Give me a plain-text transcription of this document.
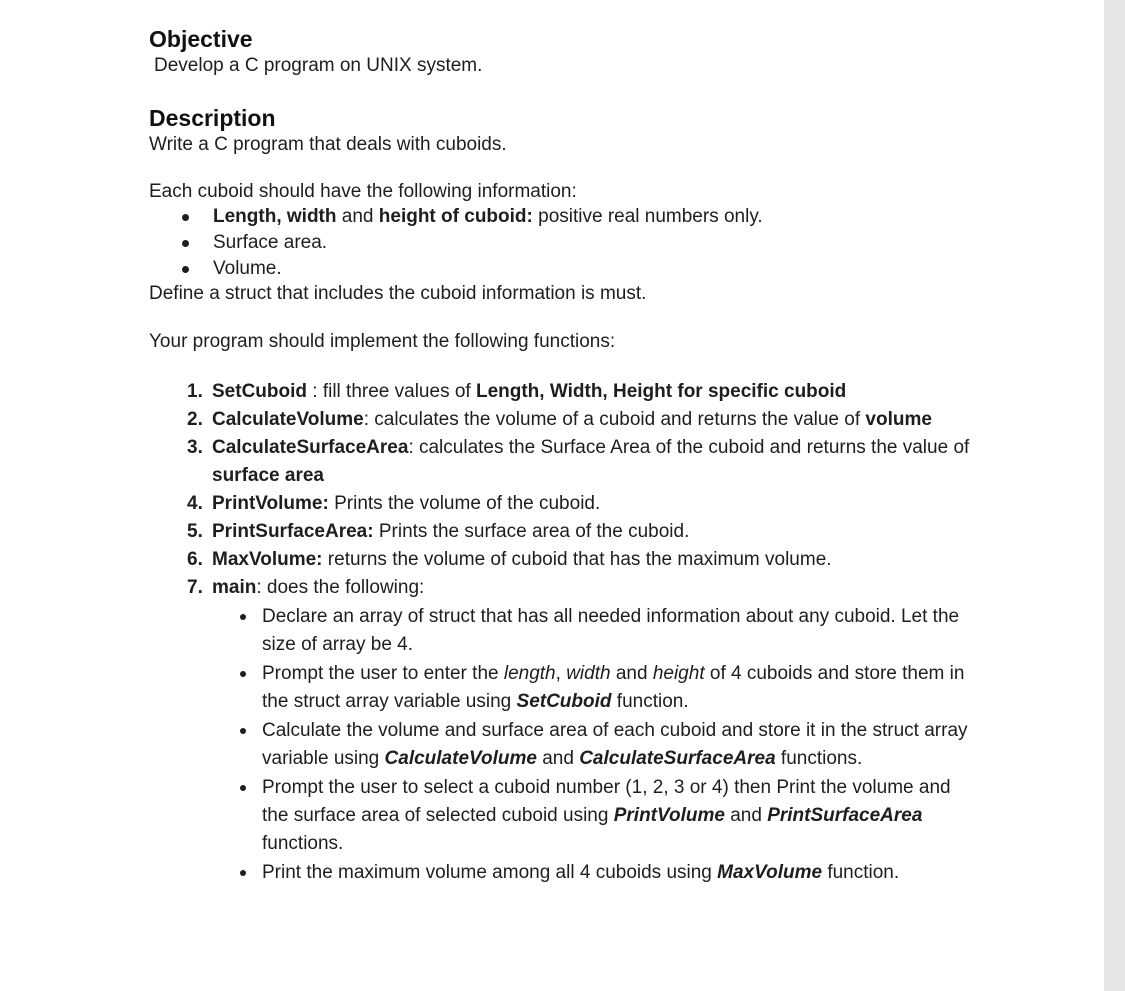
Objective

Develop a C program on UNIX system.

Description

Write a C program that deals with cuboids.

Each cuboid should have the following information:

Length, width and height of cuboid: positive real numbers only.
Surface area.
Volume.

Define a struct that includes the cuboid information is must.

Your program should implement the following functions:

1. SetCuboid : fill three values of Length, Width, Height for specific cuboid
2. CalculateVolume: calculates the volume of a cuboid and returns the value of volume
3. CalculateSurfaceArea: calculates the Surface Area of the cuboid and returns the value of surface area
4. PrintVolume: Prints the volume of the cuboid.
5. PrintSurfaceArea: Prints the surface area of the cuboid.
6. MaxVolume: returns the volume of cuboid that has the maximum volume.
7. main: does the following:
Declare an array of struct that has all needed information about any cuboid. Let the size of array be 4.
Prompt the user to enter the length, width and height of 4 cuboids and store them in the struct array variable using SetCuboid function.
Calculate the volume and surface area of each cuboid and store it in the struct array variable using CalculateVolume and CalculateSurfaceArea functions.
Prompt the user to select a cuboid number (1, 2, 3 or 4) then Print the volume and the surface area of selected cuboid using PrintVolume and PrintSurfaceArea functions.
Print the maximum volume among all 4 cuboids using MaxVolume function.
